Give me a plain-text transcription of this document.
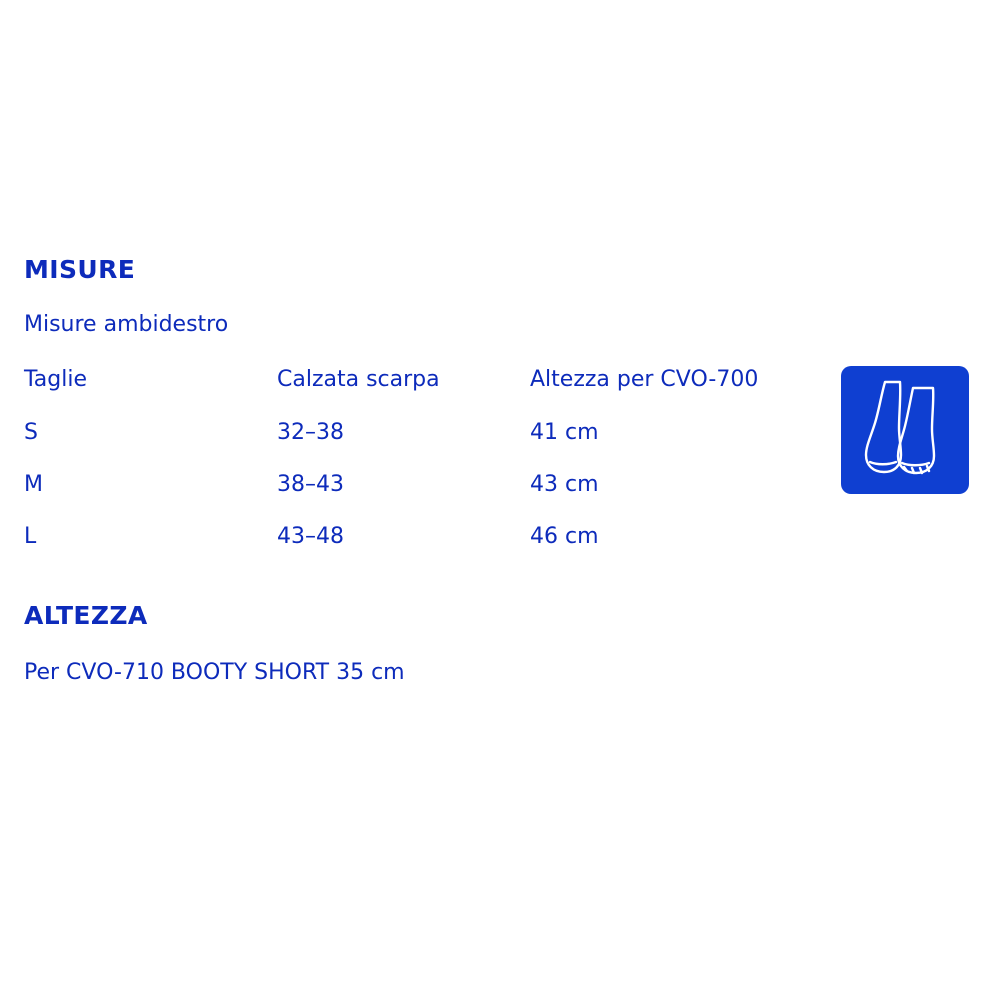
MISURE

Misure ambidestro

Taglie	Calzata scarpa	Altezza per CVO-700
S	32–38	41 cm
M	38–43	43 cm
L	43–48	46 cm
ALTEZZA

Per CVO-710 BOOTY SHORT 35 cm
